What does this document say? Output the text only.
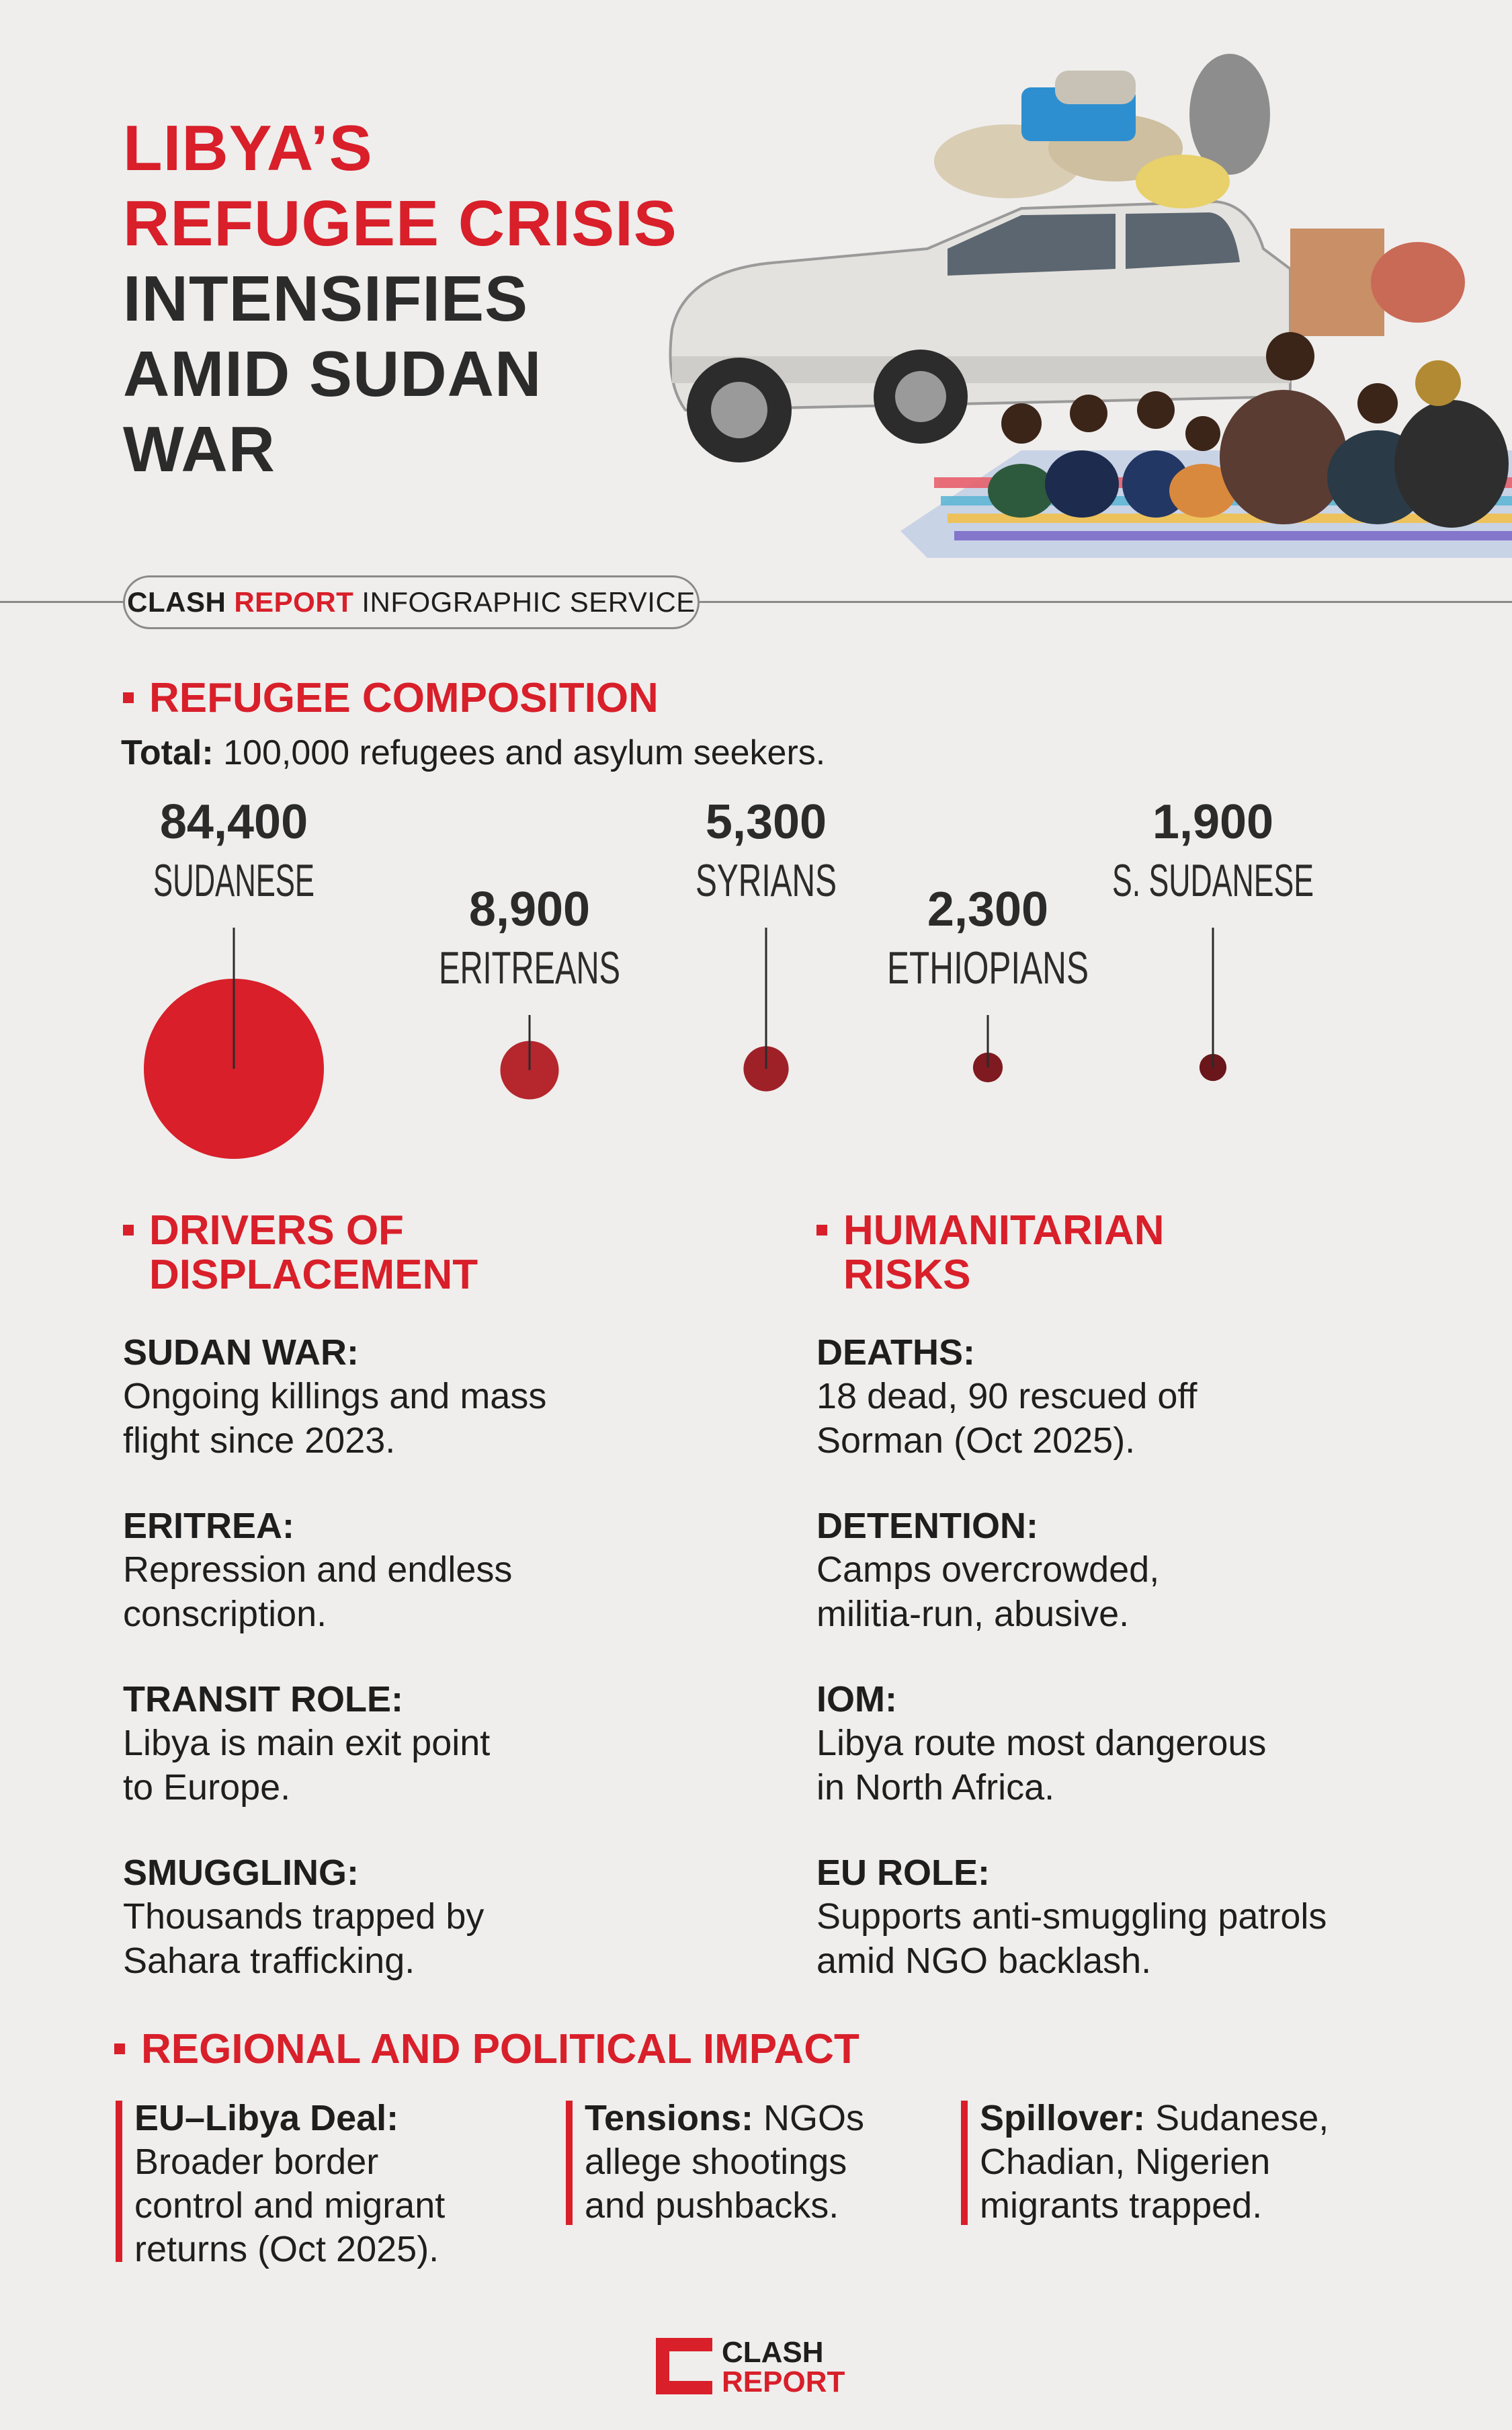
LIBYA’S
REFUGEE CRISIS
INTENSIFIES
AMID SUDAN
WAR
CLASH REPORT INFOGRAPHIC SERVICE
REFUGEE COMPOSITION
Total: 100,000 refugees and asylum seekers.
84,400
SUDANESE
8,900
ERITREANS
5,300
SYRIANS
2,300
ETHIOPIANS
1,900
S. SUDANESE
DRIVERS OF
DISPLACEMENT
SUDAN WAR:
Ongoing killings and mass
flight since 2023.
ERITREA:
Repression and endless
conscription.
TRANSIT ROLE:
Libya is main exit point
to Europe.
SMUGGLING:
Thousands trapped by
Sahara trafficking.
HUMANITARIAN
RISKS
DEATHS:
18 dead, 90 rescued off
Sorman (Oct 2025).
DETENTION:
Camps overcrowded,
militia-run, abusive.
IOM:
Libya route most dangerous
in North Africa.
EU ROLE:
Supports anti-smuggling patrols
amid NGO backlash.
REGIONAL AND POLITICAL IMPACT
EU–Libya Deal:
Broader border
control and migrant
returns (Oct 2025).
Tensions: NGOs
allege shootings
and pushbacks.
Spillover: Sudanese,
Chadian, Nigerien
migrants trapped.
CLASH
REPORT
